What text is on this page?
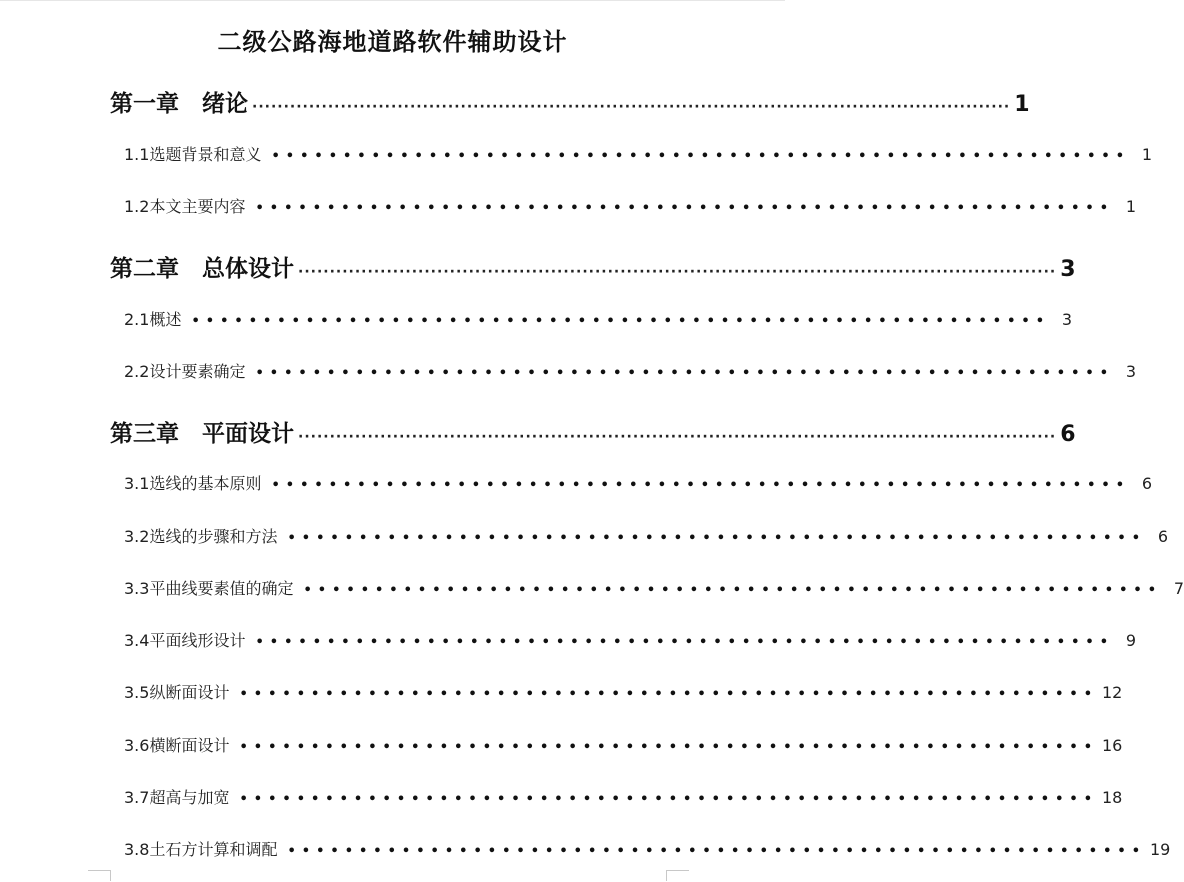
二级公路海地道路软件辅助设计
第一章　绪论 ························································································································ 1
1.1选题背景和意义 •••••••••••••••••••••••••••••••••••••••••••••••••••••••••••• 1
1.2本文主要内容 •••••••••••••••••••••••••••••••••••••••••••••••••••••••••••• 1
第二章　总体设计 ························································································································ 3
2.1概述 •••••••••••••••••••••••••••••••••••••••••••••••••••••••••••• 3
2.2设计要素确定 •••••••••••••••••••••••••••••••••••••••••••••••••••••••••••• 3
第三章　平面设计 ························································································································ 6
3.1选线的基本原则 •••••••••••••••••••••••••••••••••••••••••••••••••••••••••••• 6
3.2选线的步骤和方法 •••••••••••••••••••••••••••••••••••••••••••••••••••••••••••• 6
3.3平曲线要素值的确定 •••••••••••••••••••••••••••••••••••••••••••••••••••••••••••• 7
3.4平面线形设计 •••••••••••••••••••••••••••••••••••••••••••••••••••••••••••• 9
3.5纵断面设计 •••••••••••••••••••••••••••••••••••••••••••••••••••••••••••• 12
3.6横断面设计 •••••••••••••••••••••••••••••••••••••••••••••••••••••••••••• 16
3.7超高与加宽 •••••••••••••••••••••••••••••••••••••••••••••••••••••••••••• 18
3.8土石方计算和调配 •••••••••••••••••••••••••••••••••••••••••••••••••••••••••••• 19
